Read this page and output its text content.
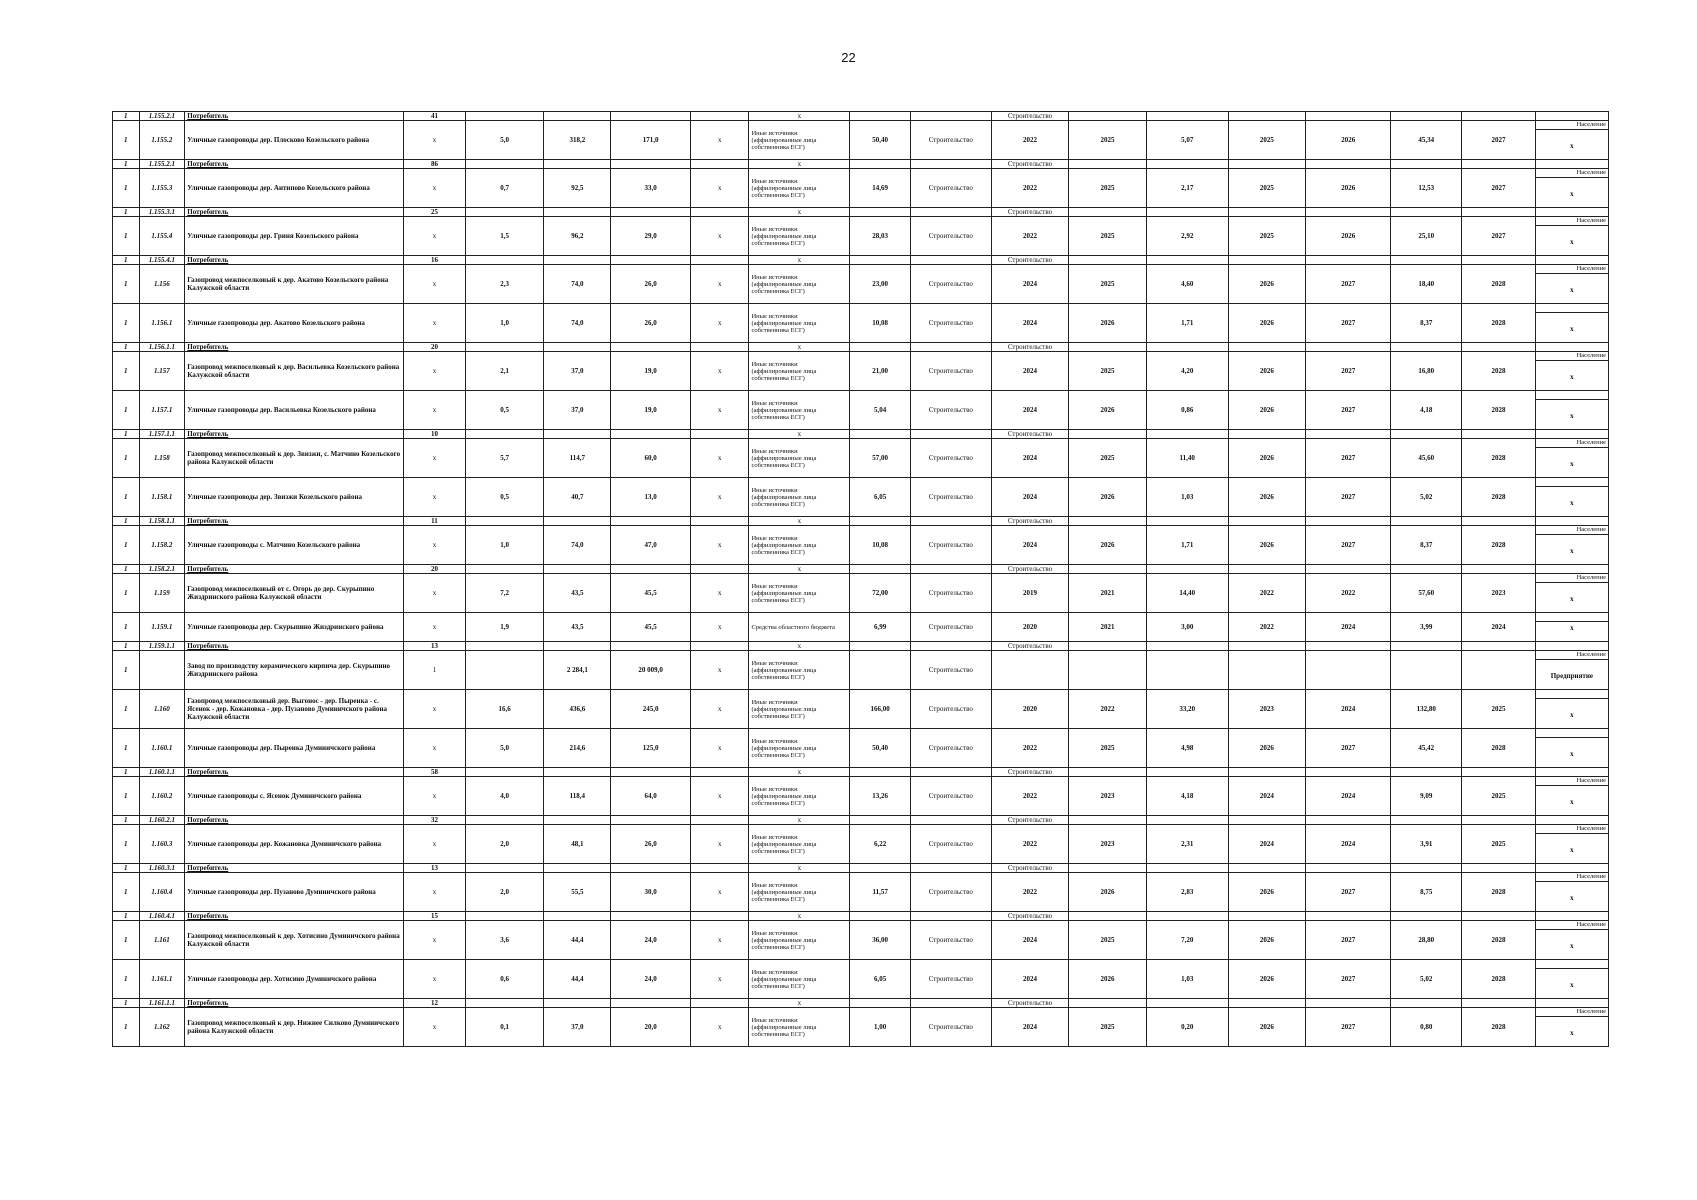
22
1	1.155.2.1	Потребитель	41					x			Строительство							
1	1.155.2	Уличные газопроводы дер. Плосково Козельского района	x	5,0	318,2	171,0	x	Иные источники (аффилированные лица собственника ЕСГ)	50,40	Строительство	2022	2025	5,07	2025	2026	45,34	2027	Население
x

1	1.155.2.1	Потребитель	86					x			Строительство							
1	1.155.3	Уличные газопроводы дер. Антипово Козельского района	x	0,7	92,5	33,0	x	Иные источники (аффилированные лица собственника ЕСГ)	14,69	Строительство	2022	2025	2,17	2025	2026	12,53	2027	Население
x

1	1.155.3.1	Потребитель	25					x			Строительство							
1	1.155.4	Уличные газопроводы дер. Гриня Козельского района	x	1,5	96,2	29,0	x	Иные источники (аффилированные лица собственника ЕСГ)	28,03	Строительство	2022	2025	2,92	2025	2026	25,10	2027	Население
x

1	1.155.4.1	Потребитель	16					x			Строительство							
1	1.156	Газопровод межпоселковый к дер. Акатово Козельского района Калужской области	x	2,3	74,0	26,0	x	Иные источники (аффилированные лица собственника ЕСГ)	23,00	Строительство	2024	2025	4,60	2026	2027	18,40	2028	Население
x

1	1.156.1	Уличные газопроводы дер. Акатово Козельского района	x	1,0	74,0	26,0	x	Иные источники (аффилированные лица собственника ЕСГ)	10,08	Строительство	2024	2026	1,71	2026	2027	8,37	2028	x

1	1.156.1.1	Потребитель	20					x			Строительство							
1	1.157	Газопровод межпоселковый к дер. Васильевка Козельского района Калужской области	x	2,1	37,0	19,0	x	Иные источники (аффилированные лица собственника ЕСГ)	21,00	Строительство	2024	2025	4,20	2026	2027	16,80	2028	Население
x

1	1.157.1	Уличные газопроводы дер. Васильевка Козельского района	x	0,5	37,0	19,0	x	Иные источники (аффилированные лица собственника ЕСГ)	5,04	Строительство	2024	2026	0,86	2026	2027	4,18	2028	x

1	1.157.1.1	Потребитель	10					x			Строительство							
1	1.158	Газопровод межпоселковый к дер. Звизжи, с. Матчино Козельского района Калужской области	x	5,7	114,7	60,0	x	Иные источники (аффилированные лица собственника ЕСГ)	57,00	Строительство	2024	2025	11,40	2026	2027	45,60	2028	Население
x

1	1.158.1	Уличные газопроводы дер. Звизжи Козельского района	x	0,5	40,7	13,0	x	Иные источники (аффилированные лица собственника ЕСГ)	6,05	Строительство	2024	2026	1,03	2026	2027	5,02	2028	x

1	1.158.1.1	Потребитель	11					x			Строительство							
1	1.158.2	Уличные газопроводы с. Матчино Козельского района	x	1,0	74,0	47,0	x	Иные источники (аффилированные лица собственника ЕСГ)	10,08	Строительство	2024	2026	1,71	2026	2027	8,37	2028	Население
x

1	1.158.2.1	Потребитель	20					x			Строительство							
1	1.159	Газопровод межпоселковый от с. Огорь до дер. Скурыпино Жиздринского района Калужской области	x	7,2	43,5	45,5	x	Иные источники (аффилированные лица собственника ЕСГ)	72,00	Строительство	2019	2021	14,40	2022	2022	57,60	2023	Население
x

1	1.159.1	Уличные газопроводы дер. Скурыпино Жиздринского района	x	1,9	43,5	45,5	x	Средства областного бюджета	6,99	Строительство	2020	2021	3,00	2022	2024	3,99	2024	x

1	1.159.1.1	Потребитель	13					x			Строительство							
1		Завод по производству керамического кирпича дер. Скурыпино Жиздринского района	1		2 284,1	20 009,0	x	Иные источники (аффилированные лица собственника ЕСГ)		Строительство								Население
Предприятие

1	1.160	Газопровод межпоселковый дер. Выгонос - дер. Пыренка - с. Ясенок - дер. Кожановка - дер. Пузаново Думиничского района Калужской области	x	16,6	436,6	245,0	x	Иные источники (аффилированные лица собственника ЕСГ)	166,00	Строительство	2020	2022	33,20	2023	2024	132,80	2025	x

1	1.160.1	Уличные газопроводы дер. Пыренка Думиничского района	x	5,0	214,6	125,0	x	Иные источники (аффилированные лица собственника ЕСГ)	50,40	Строительство	2022	2025	4,98	2026	2027	45,42	2028	x

1	1.160.1.1	Потребитель	58					x			Строительство							
1	1.160.2	Уличные газопроводы с. Ясенок Думиничского района	x	4,0	118,4	64,0	x	Иные источники (аффилированные лица собственника ЕСГ)	13,26	Строительство	2022	2023	4,18	2024	2024	9,09	2025	Население
x

1	1.160.2.1	Потребитель	32					x			Строительство							
1	1.160.3	Уличные газопроводы дер. Кожановка Думиничского района	x	2,0	48,1	26,0	x	Иные источники (аффилированные лица собственника ЕСГ)	6,22	Строительство	2022	2023	2,31	2024	2024	3,91	2025	Население
x

1	1.160.3.1	Потребитель	13					x			Строительство							
1	1.160.4	Уличные газопроводы дер. Пузаново Думиничского района	x	2,0	55,5	30,0	x	Иные источники (аффилированные лица собственника ЕСГ)	11,57	Строительство	2022	2026	2,83	2026	2027	8,75	2028	Население
x

1	1.160.4.1	Потребитель	15					x			Строительство							
1	1.161	Газопровод межпоселковый к дер. Хотисино Думиничского района Калужской области	x	3,6	44,4	24,0	x	Иные источники (аффилированные лица собственника ЕСГ)	36,00	Строительство	2024	2025	7,20	2026	2027	28,80	2028	Население
x

1	1.161.1	Уличные газопроводы дер. Хотисино Думиничского района	x	0,6	44,4	24,0	x	Иные источники (аффилированные лица собственника ЕСГ)	6,05	Строительство	2024	2026	1,03	2026	2027	5,02	2028	x

1	1.161.1.1	Потребитель	12					x			Строительство							
1	1.162	Газопровод межпоселковый к дер. Нижнее Силково Думиничского района Калужской области	x	0,1	37,0	20,0	x	Иные источники (аффилированные лица собственника ЕСГ)	1,00	Строительство	2024	2025	0,20	2026	2027	0,80	2028	Население
x
